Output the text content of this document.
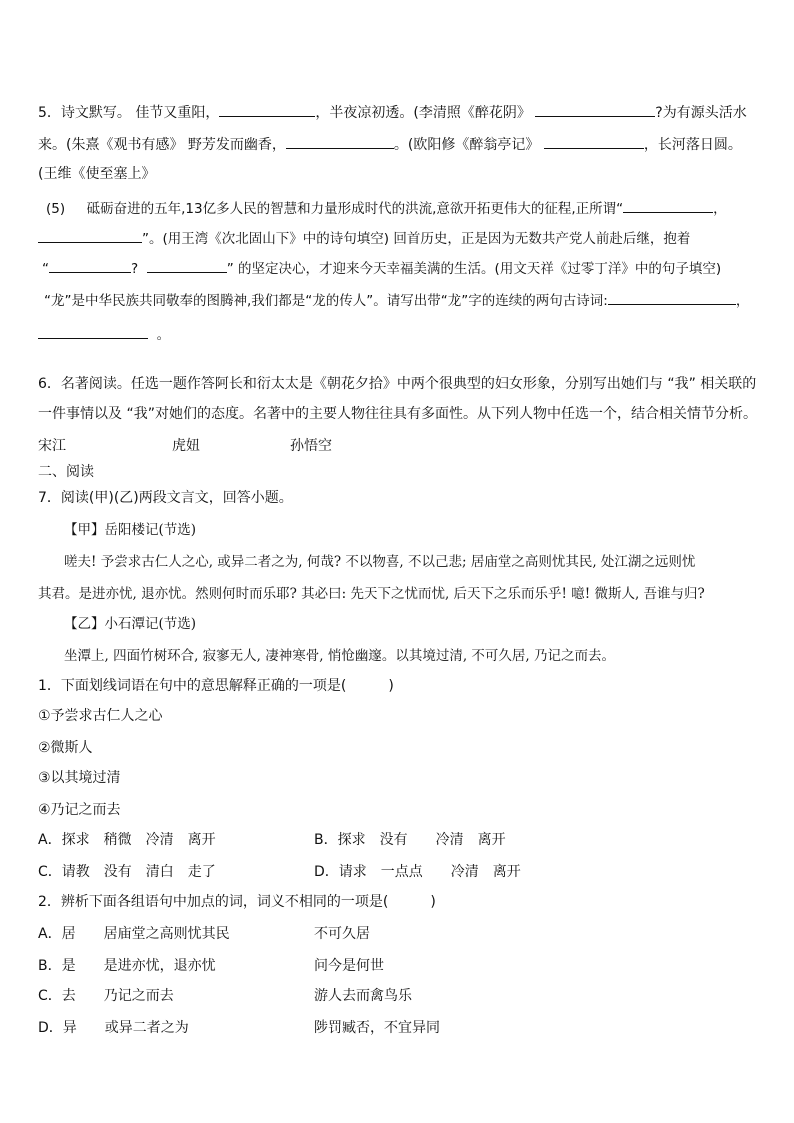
5．诗文默写。 佳节又重阳，	，半夜凉初透。(李清照《醉花阴》	?为有源头活水
来。(朱熹《观书有感》 野芳发而幽香，	。(欧阳修《醉翁亭记》	，长河落日圆。
(王维《使至塞上》
(5) 砥砺奋进的五年,13亿多人民的智慧和力量形成时代的洪流,意欲开拓更伟大的征程,正所谓“	，
”。(用王湾《次北固山下》中的诗句填空) 回首历史，正是因为无数共产党人前赴后继，抱着
“	?	” 的坚定决心，才迎来今天幸福美满的生活。(用文天祥《过零丁洋》中的句子填空)
“龙”是中华民族共同敬奉的图腾神,我们都是“龙的传人”。请写出带“龙”字的连续的两句古诗词:	，
。
6．名著阅读。任选一题作答阿长和衍太太是《朝花夕拾》中两个很典型的妇女形象，分别写出她们与 “我” 相关联的
一件事情以及 “我”对她们的态度。名著中的主要人物往往具有多面性。从下列人物中任选一个，结合相关情节分析。
宋江	虎妞	孙悟空
二、阅读
7．阅读(甲)(乙)两段文言文，回答小题。
【甲】岳阳楼记(节选)
嗟夫! 予尝求古仁人之心, 或异二者之为, 何哉? 不以物喜, 不以己悲; 居庙堂之高则忧其民, 处江湖之远则忧
其君。是进亦忧, 退亦忧。然则何时而乐耶? 其必曰: 先天下之忧而忧, 后天下之乐而乐乎! 噫! 微斯人, 吾谁与归?
【乙】小石潭记(节选)
坐潭上, 四面竹树环合, 寂寥无人, 凄神寒骨, 悄怆幽邃。以其境过清, 不可久居, 乃记之而去。
1．下面划线词语在句中的意思解释正确的一项是(　　　)
①予尝求古仁人之心
②微斯人
③以其境过清
④乃记之而去
A．探求　稍微　冷清　离开	B．探求　没有　　冷清　离开
C．请教　没有　清白　走了	D．请求　一点点　　冷清　离开
2．辨析下面各组语句中加点的词，词义不相同的一项是(　　　)
A．居　　居庙堂之高则忧其民	不可久居
B．是　　是进亦忧，退亦忧	问今是何世
C．去　　乃记之而去	游人去而禽鸟乐
D．异　　或异二者之为	陟罚臧否，不宜异同
